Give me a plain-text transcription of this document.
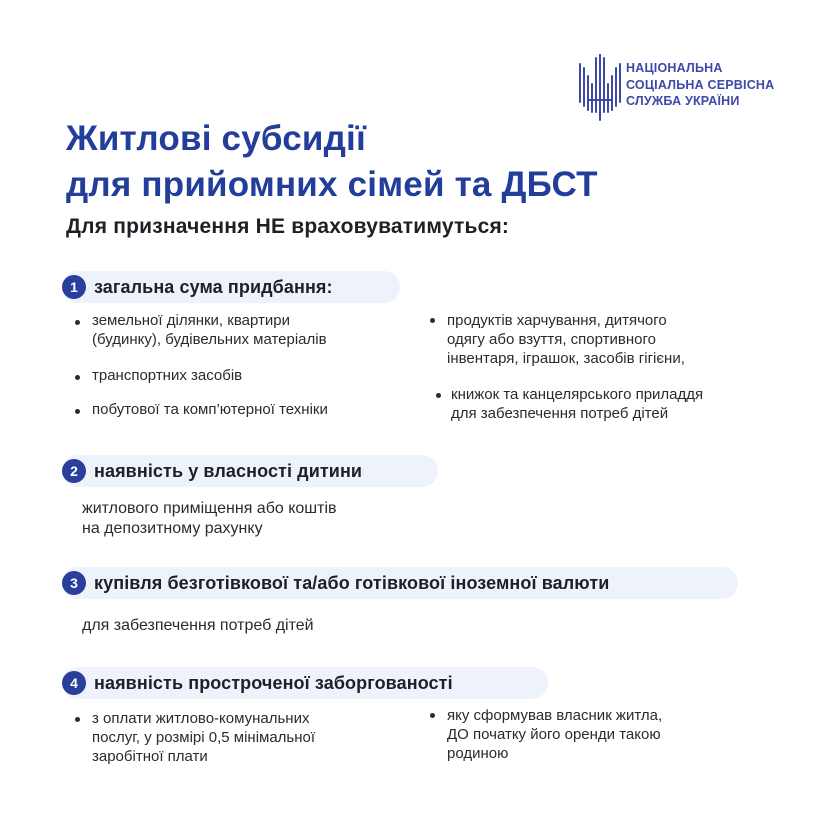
НАЦІОНАЛЬНА
СОЦІАЛЬНА СЕРВІСНА
СЛУЖБА УКРАЇНИ
Житлові субсидії
для прийомних сімей та ДБСТ
Для призначення НЕ враховуватимуться:
1 загальна сума придбання:
земельної ділянки, квартири
(будинку), будівельних матеріалів
транспортних засобів
побутової та комп’ютерної техніки
продуктів харчування, дитячого
одягу або взуття, спортивного
інвентаря, іграшок, засобів гігієни,
книжок та канцелярського приладдя
для забезпечення потреб дітей
2 наявність у власності дитини
житлового приміщення або коштів
на депозитному рахунку
3 купівля безготівкової та/або готівкової іноземної валюти
для забезпечення потреб дітей
4 наявність простроченої заборгованості
з оплати житлово-комунальних
послуг, у розмірі 0,5 мінімальної
заробітної плати
яку сформував власник житла,
ДО початку його оренди такою
родиною
